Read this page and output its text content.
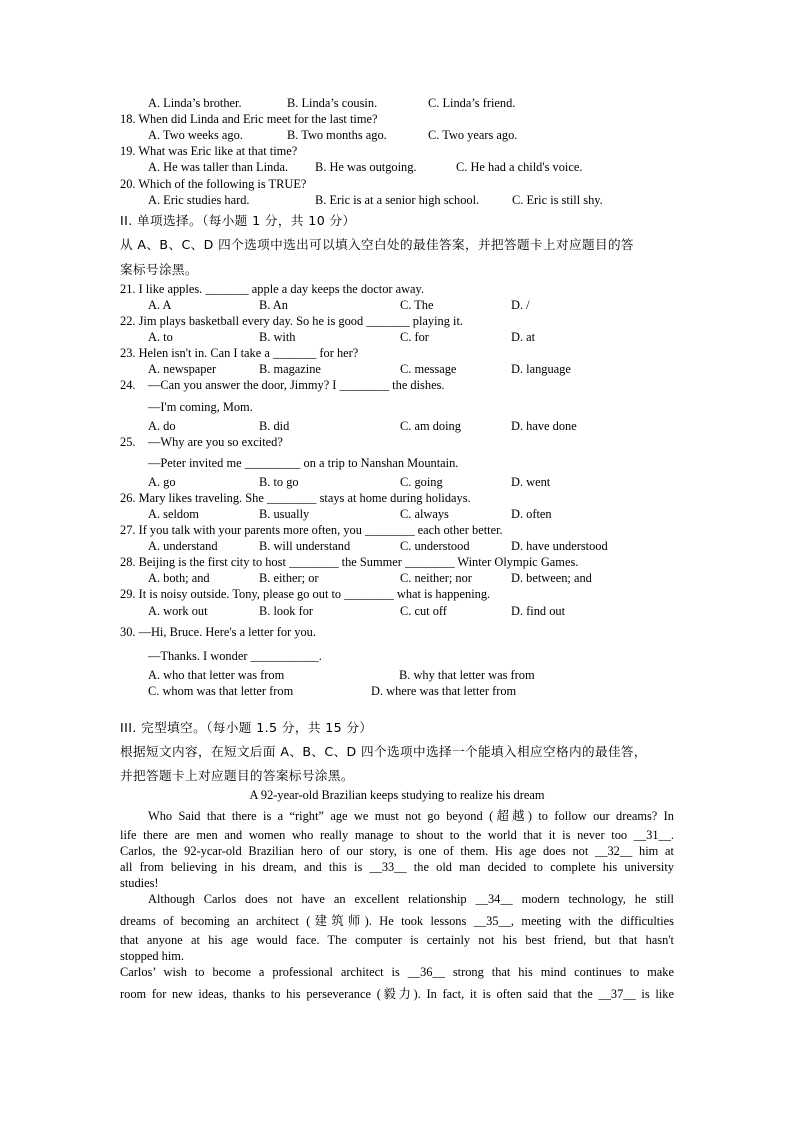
A. Linda’s brother.	B. Linda’s cousin.	C. Linda’s friend.
18. When did Linda and Eric meet for the last time?
A. Two weeks ago.	B. Two months ago.	C. Two years ago.
19. What was Eric like at that time?
A. He was taller than Linda. B. He was outgoing.	C. He had a child's voice.
20. Which of the following is TRUE?
A. Eric studies hard.	B. Eric is at a senior high school.	C. Eric is still shy.
II. 单项选择。（每小题 1 分，共 10 分）
从 A、B、C、D 四个选项中选出可以填入空白处的最佳答案，并把答题卡上对应题目的答
案标号涂黑。
21. I like apples. _______ apple a day keeps the doctor away.
A. A	B. An	C. The	D. /
22. Jim plays basketball every day. So he is good _______ playing it.
A. to	B. with	C. for	D. at
23. Helen isn't in. Can I take a _______ for her?
A. newspaper	B. magazine	C. message	D. language
24. —Can you answer the door, Jimmy? I ________ the dishes.
—I'm coming, Mom.
A. do	B. did	C. am doing	D. have done
25. —Why are you so excited?
—Peter invited me _________ on a trip to Nanshan Mountain.
A. go	B. to go	C. going	D. went
26. Mary likes traveling. She ________ stays at home during holidays.
A. seldom	B. usually	C. always	D. often
27. If you talk with your parents more often, you ________ each other better.
A. understand	B. will understand	C. understood	D. have understood
28. Beijing is the first city to host ________ the Summer ________ Winter Olympic Games.
A. both; and	B. either; or	C. neither; nor	D. between; and
29. It is noisy outside. Tony, please go out to ________ what is happening.
A. work out	B. look for	C. cut off	D. find out
30. —Hi, Bruce. Here's a letter for you.
—Thanks. I wonder ___________.
A. who that letter was from	B. why that letter was from
C. whom was that letter from	D. where was that letter from
III. 完型填空。（每小题 1.5 分，共 15 分）
根据短文内容，在短文后面 A、B、C、D 四个选项中选择一个能填入相应空格内的最佳答，
并把答题卡上对应题目的答案标号涂黑。
A 92-year-old Brazilian keeps studying to realize his dream
Who Said that there is a “right” age we must not go beyond (超越) to follow our dreams? In
life there are men and women who really manage to shout to the world that it is never too __31__.
Carlos, the 92-ycar-old Brazilian hero of our story, is one of them. His age does not __32__ him at
all from believing in his dream, and this is __33__ the old man decided to complete his university
studies!
Although Carlos does not have an excellent relationship __34__ modern technology, he still
dreams of becoming an architect (建筑师). He took lessons __35__, meeting with the difficulties
that anyone at his age would face. The computer is certainly not his best friend, but that hasn't
stopped him.
Carlos’ wish to become a professional architect is __36__ strong that his mind continues to make
room for new ideas, thanks to his perseverance (毅力). In fact, it is often said that the __37__ is like
